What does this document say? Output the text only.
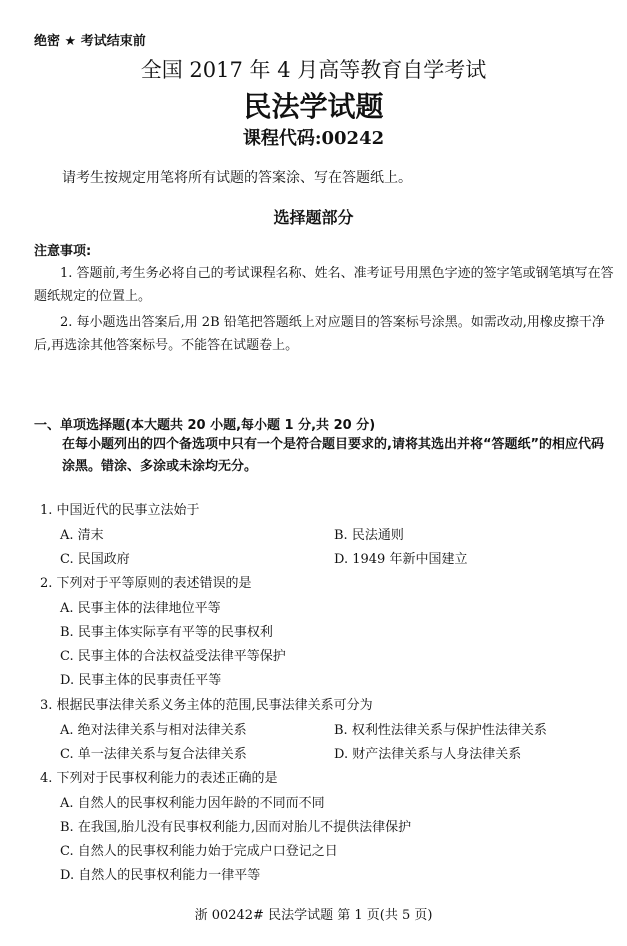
绝密 ★ 考试结束前
全国 2017 年 4 月高等教育自学考试
民法学试题
课程代码:00242
请考生按规定用笔将所有试题的答案涂、写在答题纸上。
选择题部分
注意事项:
1. 答题前,考生务必将自己的考试课程名称、姓名、准考证号用黑色字迹的签字笔或钢笔填写在答题纸规定的位置上。
2. 每小题选出答案后,用 2B 铅笔把答题纸上对应题目的答案标号涂黑。如需改动,用橡皮擦干净后,再选涂其他答案标号。不能答在试题卷上。
一、单项选择题(本大题共 20 小题,每小题 1 分,共 20 分)
在每小题列出的四个备选项中只有一个是符合题目要求的,请将其选出并将“答题纸”的相应代码涂黑。错涂、多涂或未涂均无分。
1. 中国近代的民事立法始于
A. 清末	B. 民法通则
C. 民国政府	D. 1949 年新中国建立
2. 下列对于平等原则的表述错误的是
A. 民事主体的法律地位平等
B. 民事主体实际享有平等的民事权利
C. 民事主体的合法权益受法律平等保护
D. 民事主体的民事责任平等
3. 根据民事法律关系义务主体的范围,民事法律关系可分为
A. 绝对法律关系与相对法律关系	B. 权利性法律关系与保护性法律关系
C. 单一法律关系与复合法律关系	D. 财产法律关系与人身法律关系
4. 下列对于民事权利能力的表述正确的是
A. 自然人的民事权利能力因年龄的不同而不同
B. 在我国,胎儿没有民事权利能力,因而对胎儿不提供法律保护
C. 自然人的民事权利能力始于完成户口登记之日
D. 自然人的民事权利能力一律平等
浙 00242# 民法学试题 第 1 页(共 5 页)
